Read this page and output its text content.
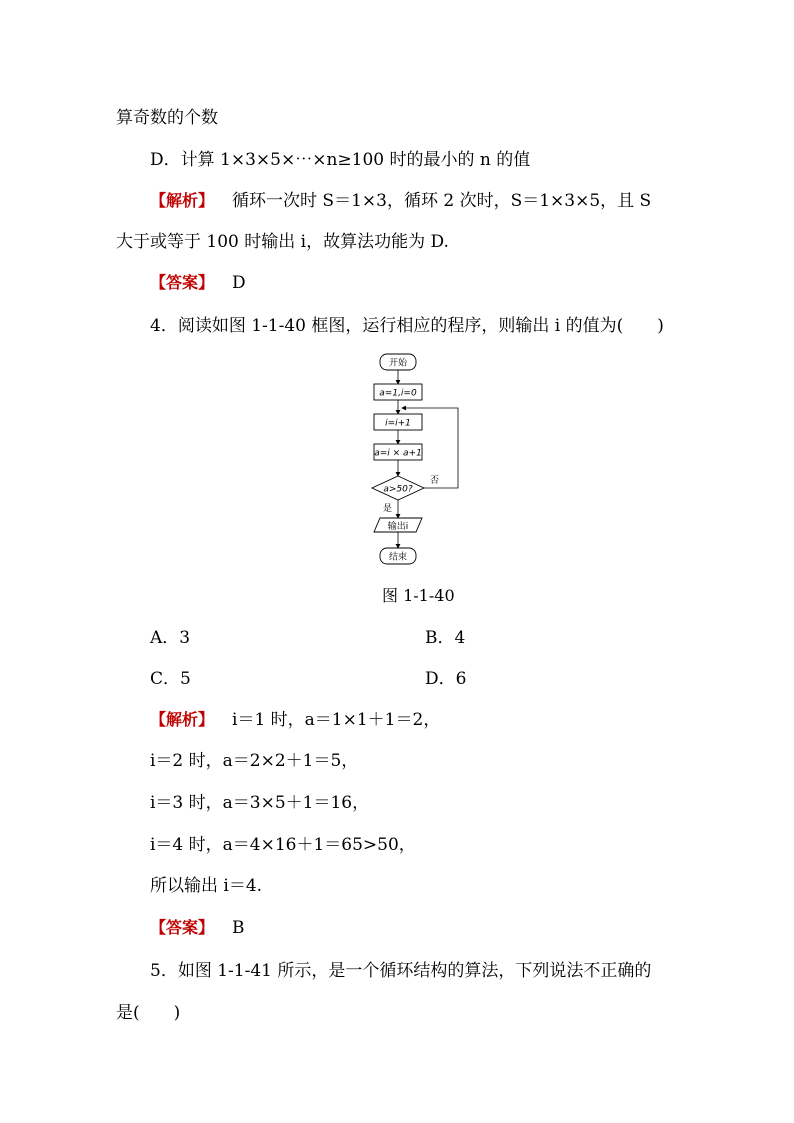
算奇数的个数
D．计算 1×3×5×⋯×n≥100 时的最小的 n 的值
【解析】 循环一次时 S＝1×3，循环 2 次时，S＝1×3×5，且 S
大于或等于 100 时输出 i，故算法功能为 D.
【答案】 D
4．阅读如图 1-1-40 框图，运行相应的程序，则输出 i 的值为(　　)
开始
a=1,i=0
i=i+1
a=i × a+1
a>50?
否
是
输出i
结束
图 1-1-40
A．3	B．4
C．5	D．6
【解析】 i＝1 时，a＝1×1＋1＝2，
i＝2 时，a＝2×2＋1＝5，
i＝3 时，a＝3×5＋1＝16，
i＝4 时，a＝4×16＋1＝65>50，
所以输出 i＝4.
【答案】 B
5．如图 1-1-41 所示，是一个循环结构的算法，下列说法不正确的
是(　　)
